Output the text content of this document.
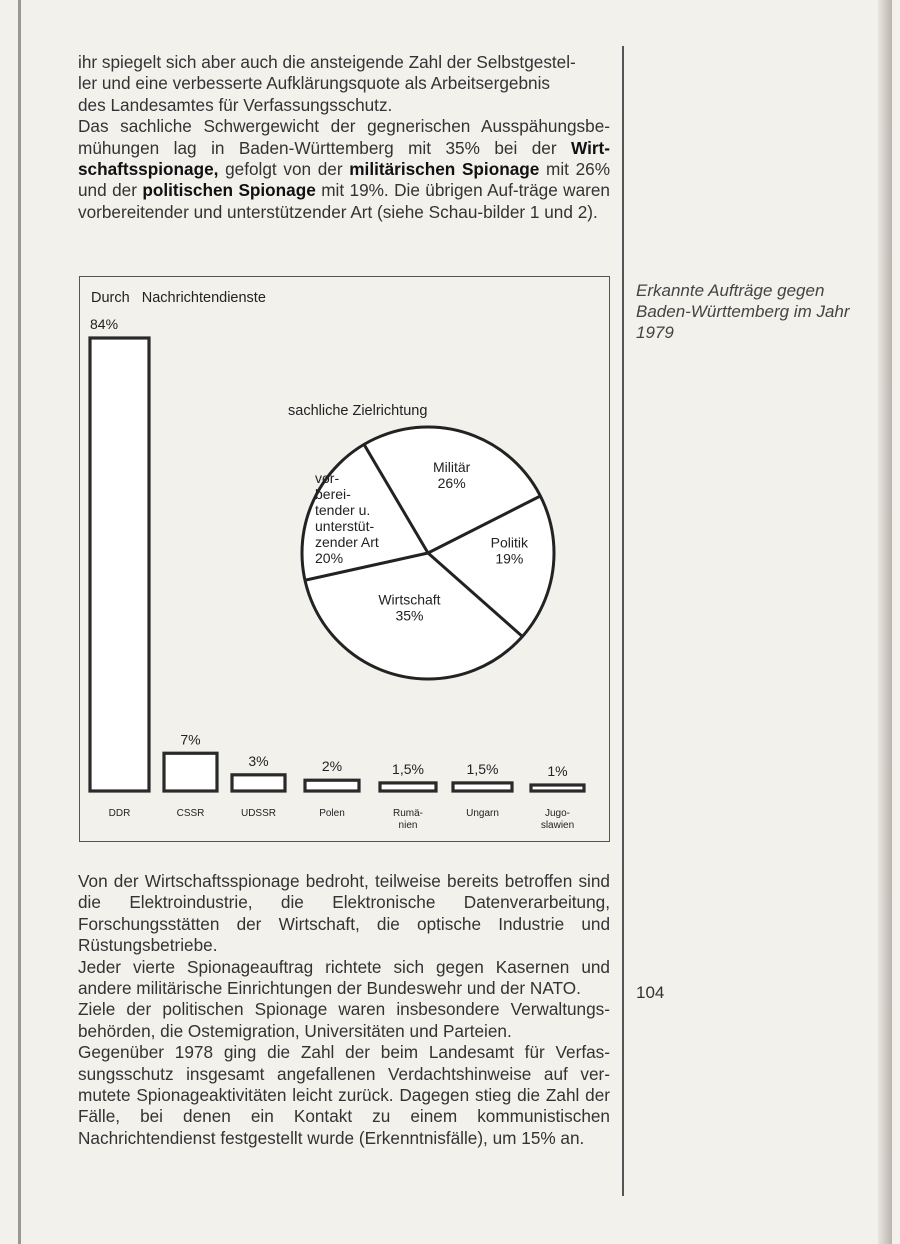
ihr spiegelt sich aber auch die ansteigende Zahl der Selbstgestel-
ler und eine verbesserte Aufklärungsquote als Arbeitsergebnis
des Landesamtes für Verfassungsschutz.

Das sachliche Schwergewicht der gegnerischen Ausspähungsbe-mühungen lag in Baden-Württemberg mit 35% bei der Wirt-schaftsspionage, gefolgt von der militärischen Spionage mit 26% und der politischen Spionage mit 19%. Die übrigen Auf-träge waren vorbereitender und unterstützender Art (siehe Schau-bilder 1 und 2).

Durch   Nachrichtendienste
84%
7%
3%	2%	1,5%	1,5%	1%
DDR	CSSR	UDSSR	Polen	Rumä-nien
Ungarn	Jugo-slawien
sachliche Zielrichtung
Militär 26%
Politik 19%
Wirtschaft 35%
vor-berei-tender u. unterstüt-zender Art 20%
Erkannte Aufträge gegen Baden-Württemberg im Jahr 1979

Von der Wirtschaftsspionage bedroht, teilweise bereits betroffen sind die Elektroindustrie, die Elektronische Datenverarbeitung, Forschungsstätten der Wirtschaft, die optische Industrie und Rüstungsbetriebe.

Jeder vierte Spionageauftrag richtete sich gegen Kasernen und andere militärische Einrichtungen der Bundeswehr und der NATO.

Ziele der politischen Spionage waren insbesondere Verwaltungs-behörden, die Ostemigration, Universitäten und Parteien.

Gegenüber 1978 ging die Zahl der beim Landesamt für Verfas-sungsschutz insgesamt angefallenen Verdachtshinweise auf ver-mutete Spionageaktivitäten leicht zurück. Dagegen stieg die Zahl der Fälle, bei denen ein Kontakt zu einem kommunistischen Nachrichtendienst festgestellt wurde (Erkenntnisfälle), um 15% an.

104
